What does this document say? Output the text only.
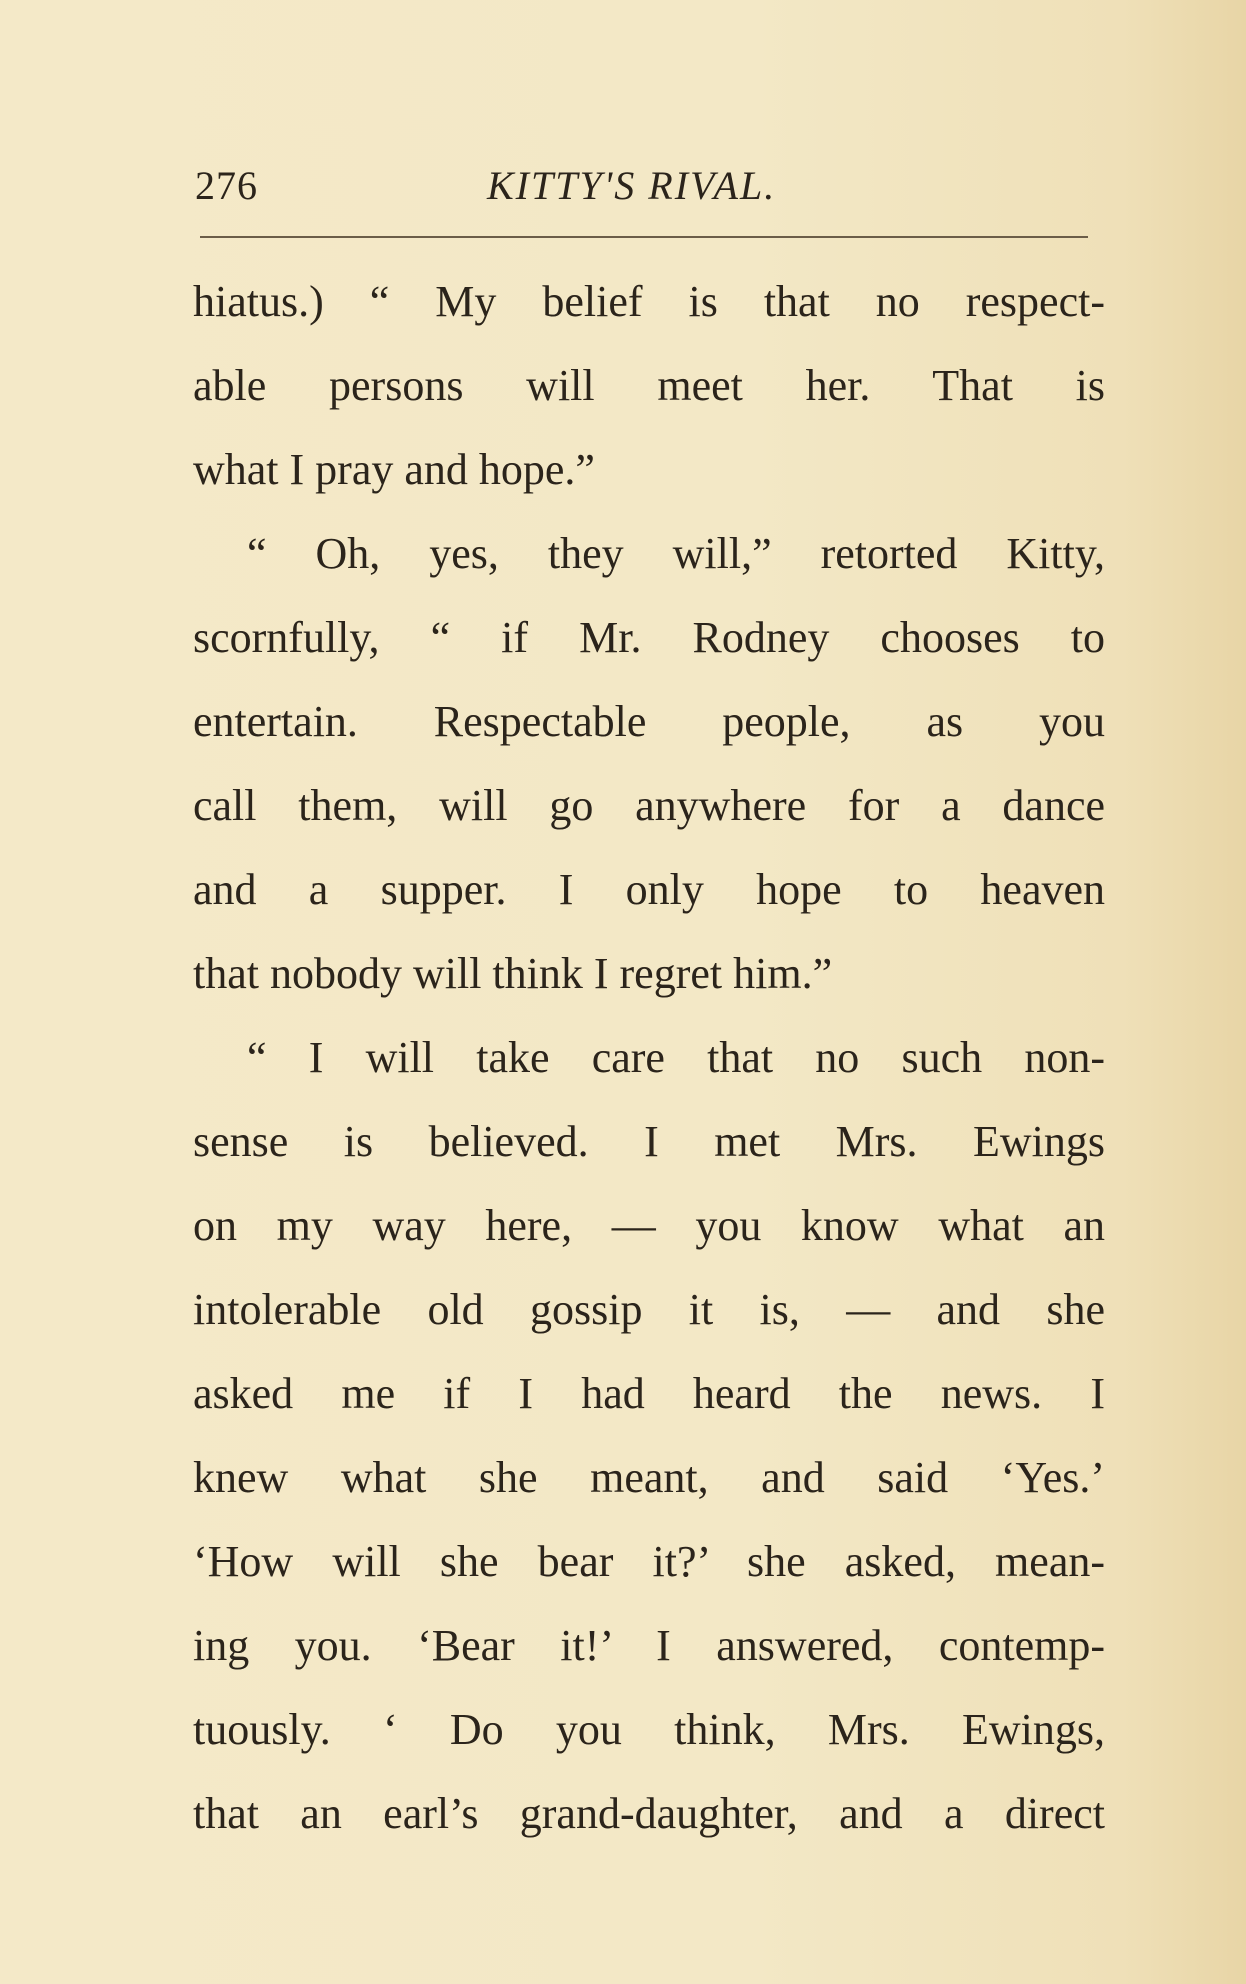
276	KITTY'S RIVAL.
hiatus.) “ My belief is that no respect-
able persons will meet her. That is
what I pray and hope.”
“ Oh, yes, they will,” retorted Kitty,
scornfully, “ if Mr. Rodney chooses to
entertain. Respectable people, as you
call them, will go anywhere for a dance
and a supper. I only hope to heaven
that nobody will think I regret him.”
“ I will take care that no such non-
sense is believed. I met Mrs. Ewings
on my way here, — you know what an
intolerable old gossip it is, — and she
asked me if I had heard the news. I
knew what she meant, and said ‘Yes.’
‘How will she bear it?’ she asked, mean-
ing you. ‘Bear it!’ I answered, contemp-
tuously. ‘ Do you think, Mrs. Ewings,
that an earl’s grand-daughter, and a direct
